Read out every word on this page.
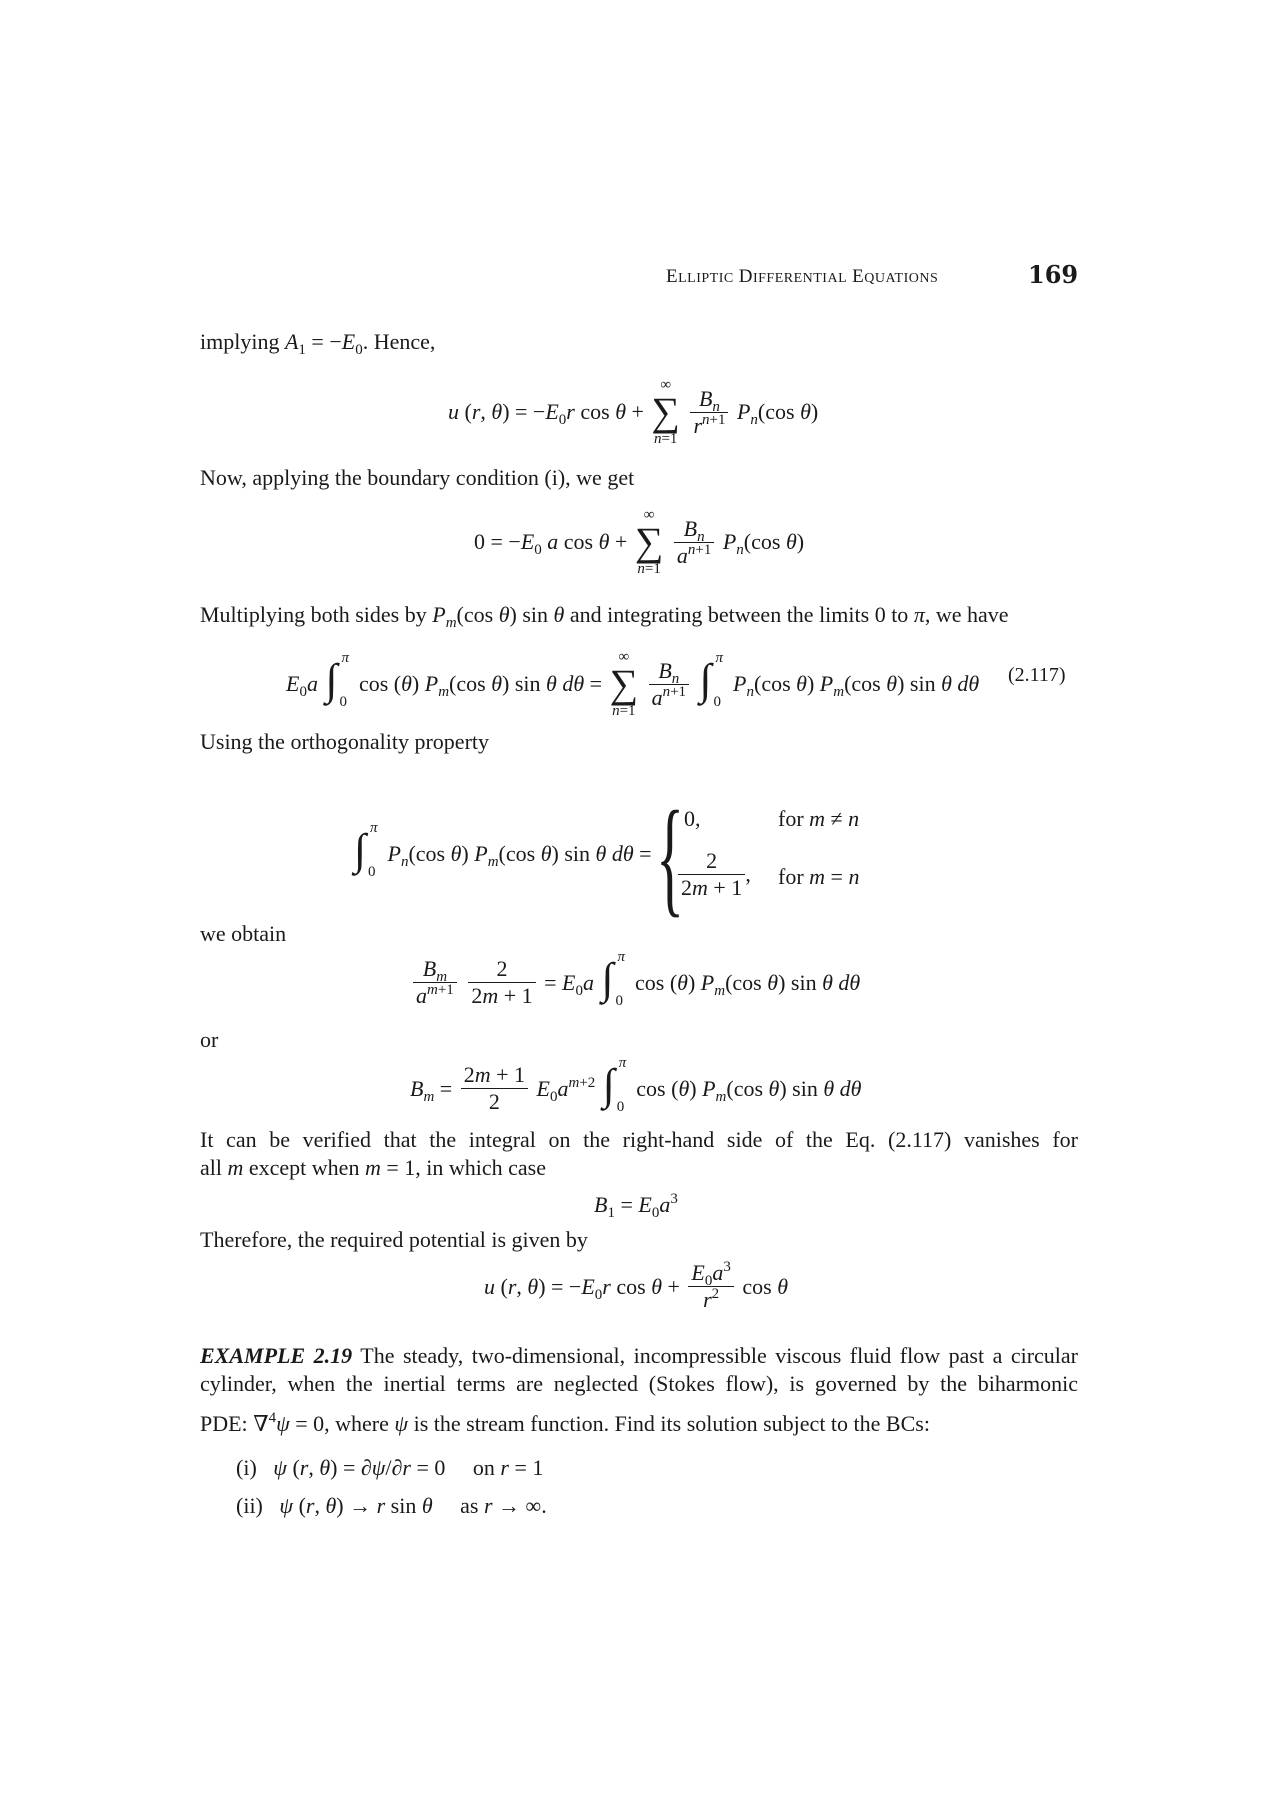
ELLIPTIC DIFFERENTIAL EQUATIONS	169
implying $A_1 = -E_0$. Hence,
u (r, $\theta) = -E_0r$ cos θ +
∞
∑
n=1

$\frac{B_n}{r^{n+1}} P_n(\cos$ θ)
Now, applying the boundary condition (i), we get
$0 = -E_0$ a cos θ +
∞
∑
n=1

$\frac{B_n}{a^{n+1}} P_n(\cos$ θ)
Multiplying both sides by $P_m(\cos$ θ) sin θ and integrating between the limits 0 to π, we have
$E_0a$ ∫ π
0
cos (θ) $P_m(\cos$ θ) sin θ dθ =
∞
∑
n=1

$\frac{B_n}{a^{n+1}}$
∫ π
0
$P_n(\cos$ θ) $P_m(\cos$ θ) sin θ dθ (2.117)
Using the orthogonality property
∫ π
0
$P_n(\cos$ θ) $P_m(\cos$ θ) sin θ dθ = { 0,	for m ≠ n
$\frac{2}{2m + 1}$ , for m = n
we obtain
$\frac{B_m}{a^{m+1}}$
$\frac{2}{2m + 1} = E_0a$ ∫ π
0
cos (θ) $P_m(\cos$ θ) sin θ dθ
or
$B_m = \frac{2m + 1}{2} E_0a^{m+2}$ ∫ π
0
cos (θ) $P_m(\cos$ θ) sin θ dθ
It can be verified that the integral on the right-hand side of the Eq. (2.117) vanishes for
all m except when m = 1, in which case
$B_1 = E_0a^3$
Therefore, the required potential is given by
u (r, $\theta) = -E_0r$ $\cos \theta + \frac{E_0a^3}{r^2}$ cos θ
EXAMPLE 2.19 The steady, two-dimensional, incompressible viscous fluid flow past a circular
cylinder, when the inertial terms are neglected (Stokes flow), is governed by the biharmonic
PDE: ∇$^4$ψ = 0, where ψ is the stream function. Find its solution subject to the BCs:
(i) ψ (r, θ) = ∂ψ/∂r = 0 on r = 1
(ii) ψ (r, θ) → r sin θ as r → ∞.
